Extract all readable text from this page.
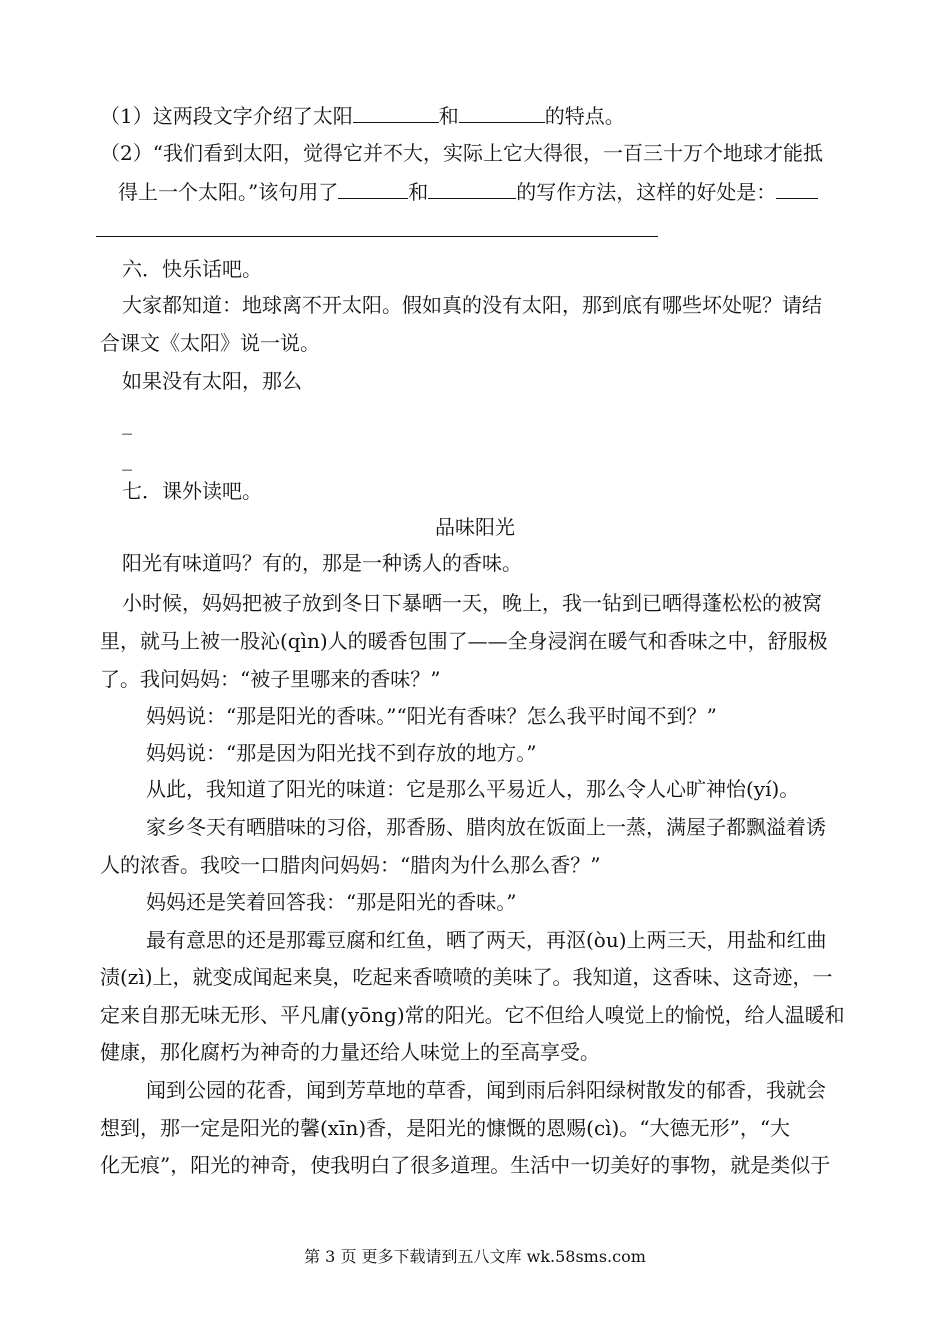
（1）这两段文字介绍了太阳	和	的特点。
（2）“我们看到太阳，觉得它并不大，实际上它大得很，一百三十万个地球才能抵
得上一个太阳。”该句用了	和	的写作方法，这样的好处是：
六．快乐话吧。
大家都知道：地球离不开太阳。假如真的没有太阳，那到底有哪些坏处呢？请结
合课文《太阳》说一说。
如果没有太阳，那么
_
_
七．课外读吧。
品味阳光
阳光有味道吗？有的，那是一种诱人的香味。
小时候，妈妈把被子放到冬日下暴晒一天，晚上，我一钻到已晒得蓬松松的被窝
里，就马上被一股沁(qìn)人的暖香包围了——全身浸润在暖气和香味之中，舒服极
了。我问妈妈：“被子里哪来的香味？”
妈妈说：“那是阳光的香味。”“阳光有香味？怎么我平时闻不到？”
妈妈说：“那是因为阳光找不到存放的地方。”
从此，我知道了阳光的味道：它是那么平易近人，那么令人心旷神怡(yí)。
家乡冬天有晒腊味的习俗，那香肠、腊肉放在饭面上一蒸，满屋子都飘溢着诱
人的浓香。我咬一口腊肉问妈妈：“腊肉为什么那么香？”
妈妈还是笑着回答我：“那是阳光的香味。”
最有意思的还是那霉豆腐和红鱼，晒了两天，再沤(òu)上两三天，用盐和红曲
渍(zì)上，就变成闻起来臭，吃起来香喷喷的美味了。我知道，这香味、这奇迹，一
定来自那无味无形、平凡庸(yōng)常的阳光。它不但给人嗅觉上的愉悦，给人温暖和
健康，那化腐朽为神奇的力量还给人味觉上的至高享受。
闻到公园的花香，闻到芳草地的草香，闻到雨后斜阳绿树散发的郁香，我就会
想到，那一定是阳光的馨(xīn)香，是阳光的慷慨的恩赐(cì)。“大德无形”，“大
化无痕”，阳光的神奇，使我明白了很多道理。生活中一切美好的事物，就是类似于
第 3 页 更多下载请到五八文库 wk.58sms.com
